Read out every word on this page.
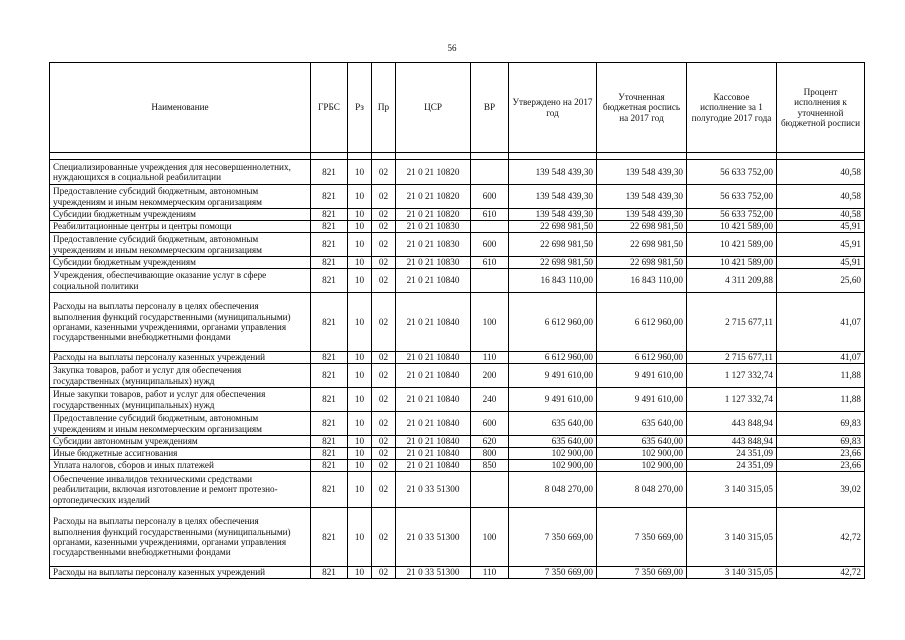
56
Наименование	ГРБС	Рз	Пр	ЦСР	ВР	Утверждено на 2017 год	Уточненная бюджетная роспись на 2017 год	Кассовое исполнение за 1 полугодие 2017 года	Процент исполнения к уточненной бюджетной росписи

Специализированные учреждения для несовершеннолетних, нуждающихся в социальной реабилитации	821	10	02	21 0 21 10820		139 548 439,30	139 548 439,30	56 633 752,00	40,58
Предоставление субсидий бюджетным, автономным учреждениям и иным некоммерческим организациям	821	10	02	21 0 21 10820	600	139 548 439,30	139 548 439,30	56 633 752,00	40,58
Субсидии бюджетным учреждениям	821	10	02	21 0 21 10820	610	139 548 439,30	139 548 439,30	56 633 752,00	40,58
Реабилитационные центры и центры помощи	821	10	02	21 0 21 10830		22 698 981,50	22 698 981,50	10 421 589,00	45,91
Предоставление субсидий бюджетным, автономным учреждениям и иным некоммерческим организациям	821	10	02	21 0 21 10830	600	22 698 981,50	22 698 981,50	10 421 589,00	45,91
Субсидии бюджетным учреждениям	821	10	02	21 0 21 10830	610	22 698 981,50	22 698 981,50	10 421 589,00	45,91
Учреждения, обеспечивающие оказание услуг в сфере социальной политики	821	10	02	21 0 21 10840		16 843 110,00	16 843 110,00	4 311 209,88	25,60
Расходы на выплаты персоналу в целях обеспечения выполнения функций государственными (муниципальными) органами, казенными учреждениями, органами управления государственными внебюджетными фондами	821	10	02	21 0 21 10840	100	6 612 960,00	6 612 960,00	2 715 677,11	41,07
Расходы на выплаты персоналу казенных учреждений	821	10	02	21 0 21 10840	110	6 612 960,00	6 612 960,00	2 715 677,11	41,07
Закупка товаров, работ и услуг для обеспечения государственных (муниципальных) нужд	821	10	02	21 0 21 10840	200	9 491 610,00	9 491 610,00	1 127 332,74	11,88
Иные закупки товаров, работ и услуг для обеспечения государственных (муниципальных) нужд	821	10	02	21 0 21 10840	240	9 491 610,00	9 491 610,00	1 127 332,74	11,88
Предоставление субсидий бюджетным, автономным учреждениям и иным некоммерческим организациям	821	10	02	21 0 21 10840	600	635 640,00	635 640,00	443 848,94	69,83
Субсидии автономным учреждениям	821	10	02	21 0 21 10840	620	635 640,00	635 640,00	443 848,94	69,83
Иные бюджетные ассигнования	821	10	02	21 0 21 10840	800	102 900,00	102 900,00	24 351,09	23,66
Уплата налогов, сборов и иных платежей	821	10	02	21 0 21 10840	850	102 900,00	102 900,00	24 351,09	23,66
Обеспечение инвалидов техническими средствами реабилитации, включая изготовление и ремонт протезно-ортопедических изделий	821	10	02	21 0 33 51300		8 048 270,00	8 048 270,00	3 140 315,05	39,02
Расходы на выплаты персоналу в целях обеспечения выполнения функций государственными (муниципальными) органами, казенными учреждениями, органами управления государственными внебюджетными фондами	821	10	02	21 0 33 51300	100	7 350 669,00	7 350 669,00	3 140 315,05	42,72
Расходы на выплаты персоналу казенных учреждений	821	10	02	21 0 33 51300	110	7 350 669,00	7 350 669,00	3 140 315,05	42,72
